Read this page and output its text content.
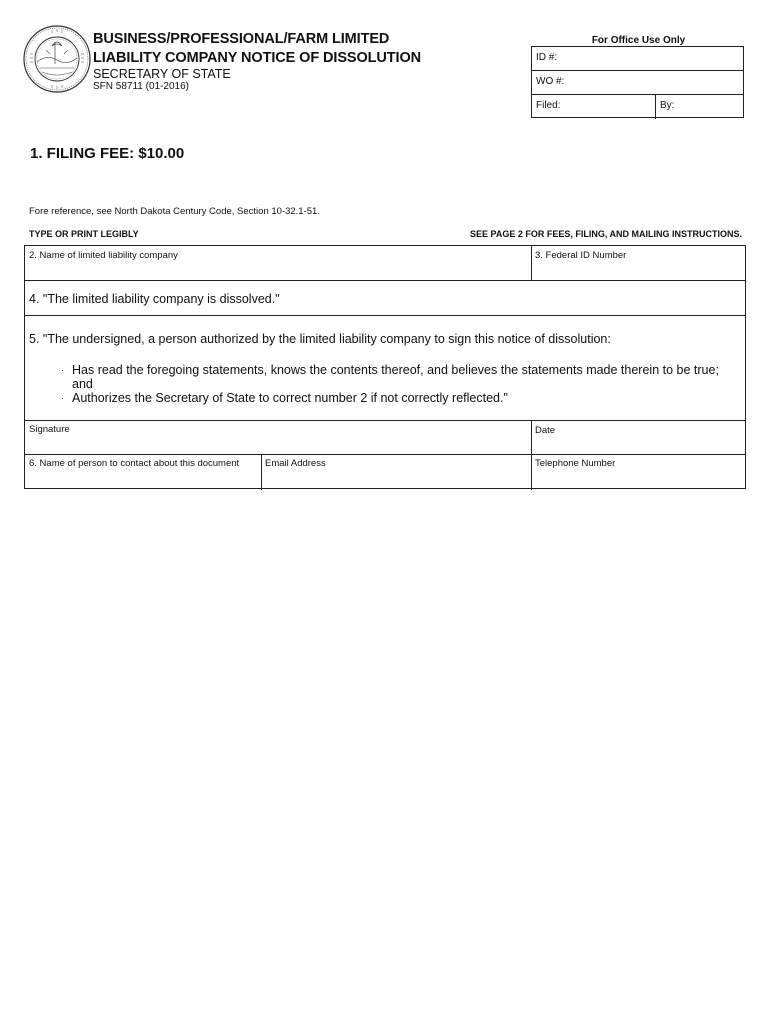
BUSINESS/PROFESSIONAL/FARM LIMITED
LIABILITY COMPANY NOTICE OF DISSOLUTION
SECRETARY OF STATE
SFN 58711 (01-2016)
For Office Use Only
ID #:
WO #:
Filed:	By:
1. FILING FEE: $10.00
Fore reference, see North Dakota Century Code, Section 10-32.1-51.
TYPE OR PRINT LEGIBLY	SEE PAGE 2 FOR FEES, FILING, AND MAILING INSTRUCTIONS.
2. Name of limited liability company	3. Federal ID Number
4. "The limited liability company is dissolved."
5. "The undersigned, a person authorized by the limited liability company to sign this notice of dissolution:
· Has read the foregoing statements, knows the contents thereof, and believes the statements made therein to be true;
and
· Authorizes the Secretary of State to correct number 2 if not correctly reflected."
Signature	Date
6. Name of person to contact about this document	Email Address	Telephone Number
